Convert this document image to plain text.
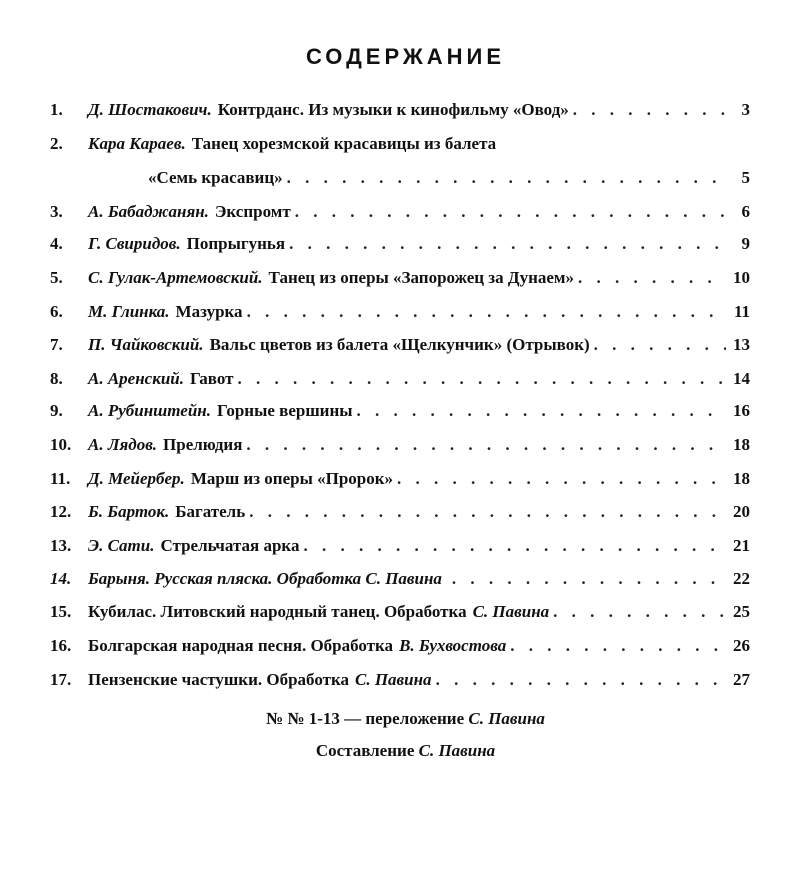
СОДЕРЖАНИЕ
1.	Д. Шостакович. Контрданс. Из музыки к кинофильму «Овод» . . .	3
2.	Кара Караев. Танец хорезмской красавицы из балета
«Семь красавиц» . . .	5
3.	А. Бабаджанян. Экспромт . . .	6
4.	Г. Свиридов. Попрыгунья . . .	9
5.	С. Гулак-Артемовский. Танец из оперы «Запорожец за Дунаем» . . .	10
6.	М. Глинка. Мазурка . . .	11
7.	П. Чайковский. Вальс цветов из балета «Щелкунчик» (Отрывок) . . .	13
8.	А. Аренский. Гавот . . .	14
9.	А. Рубинштейн. Горные вершины . . .	16
10. А. Лядов. Прелюдия . . .	18
11.	Д. Мейербер. Марш из оперы «Пророк» . . .	18
12. Б. Барток. Багатель . . .	20
13. Э. Сати. Стрельчатая арка . . .	21
14. Барыня. Русская пляска. Обработка С. Павина . . .	22
15. Кубилас. Литовский народный танец. Обработка С. Павина . . .	25
16. Болгарская народная песня. Обработка В. Бухвостова . . .	26
17. Пензенские частушки. Обработка С. Павина . . .	27
№ № 1-13 — переложение С. Павина
Составление С. Павина
